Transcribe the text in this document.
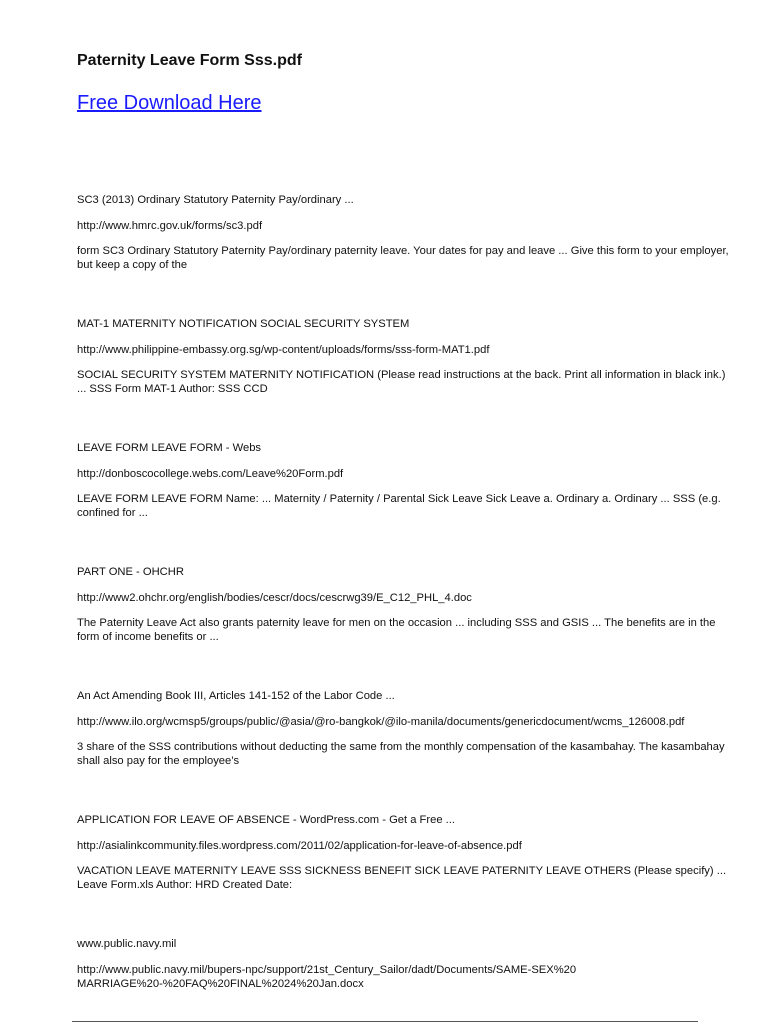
Paternity Leave Form Sss.pdf
Free Download Here

SC3 (2013) Ordinary Statutory Paternity Pay/ordinary ...

http://www.hmrc.gov.uk/forms/sc3.pdf

form SC3 Ordinary Statutory Paternity Pay/ordinary paternity leave. Your dates for pay and leave ... Give this form to your employer, but keep a copy of the

MAT-1 MATERNITY NOTIFICATION SOCIAL SECURITY SYSTEM

http://www.philippine-embassy.org.sg/wp-content/uploads/forms/sss-form-MAT1.pdf

SOCIAL SECURITY SYSTEM MATERNITY NOTIFICATION (Please read instructions at the back. Print all information in black ink.) ... SSS Form MAT-1 Author: SSS CCD

LEAVE FORM LEAVE FORM - Webs

http://donboscocollege.webs.com/Leave%20Form.pdf

LEAVE FORM LEAVE FORM Name: ... Maternity / Paternity / Parental Sick Leave Sick Leave a. Ordinary a. Ordinary ... SSS (e.g. confined for ...

PART ONE - OHCHR

http://www2.ohchr.org/english/bodies/cescr/docs/cescrwg39/E_C12_PHL_4.doc

The Paternity Leave Act also grants paternity leave for men on the occasion ... including SSS and GSIS ... The benefits are in the form of income benefits or ...

An Act Amending Book III, Articles 141-152 of the Labor Code ...

http://www.ilo.org/wcmsp5/groups/public/@asia/@ro-bangkok/@ilo-manila/documents/genericdocument/wcms_126008.pdf

3 share of the SSS contributions without deducting the same from the monthly compensation of the kasambahay. The kasambahay shall also pay for the employee’s

APPLICATION FOR LEAVE OF ABSENCE - WordPress.com - Get a Free ...

http://asialinkcommunity.files.wordpress.com/2011/02/application-for-leave-of-absence.pdf

VACATION LEAVE MATERNITY LEAVE SSS SICKNESS BENEFIT SICK LEAVE PATERNITY LEAVE OTHERS (Please specify) ... Leave Form.xls Author: HRD Created Date:

www.public.navy.mil

http://www.public.navy.mil/bupers-npc/support/21st_Century_Sailor/dadt/Documents/SAME-SEX%20MARRIAGE%20-%20FAQ%20FINAL%2024%20Jan.docx
